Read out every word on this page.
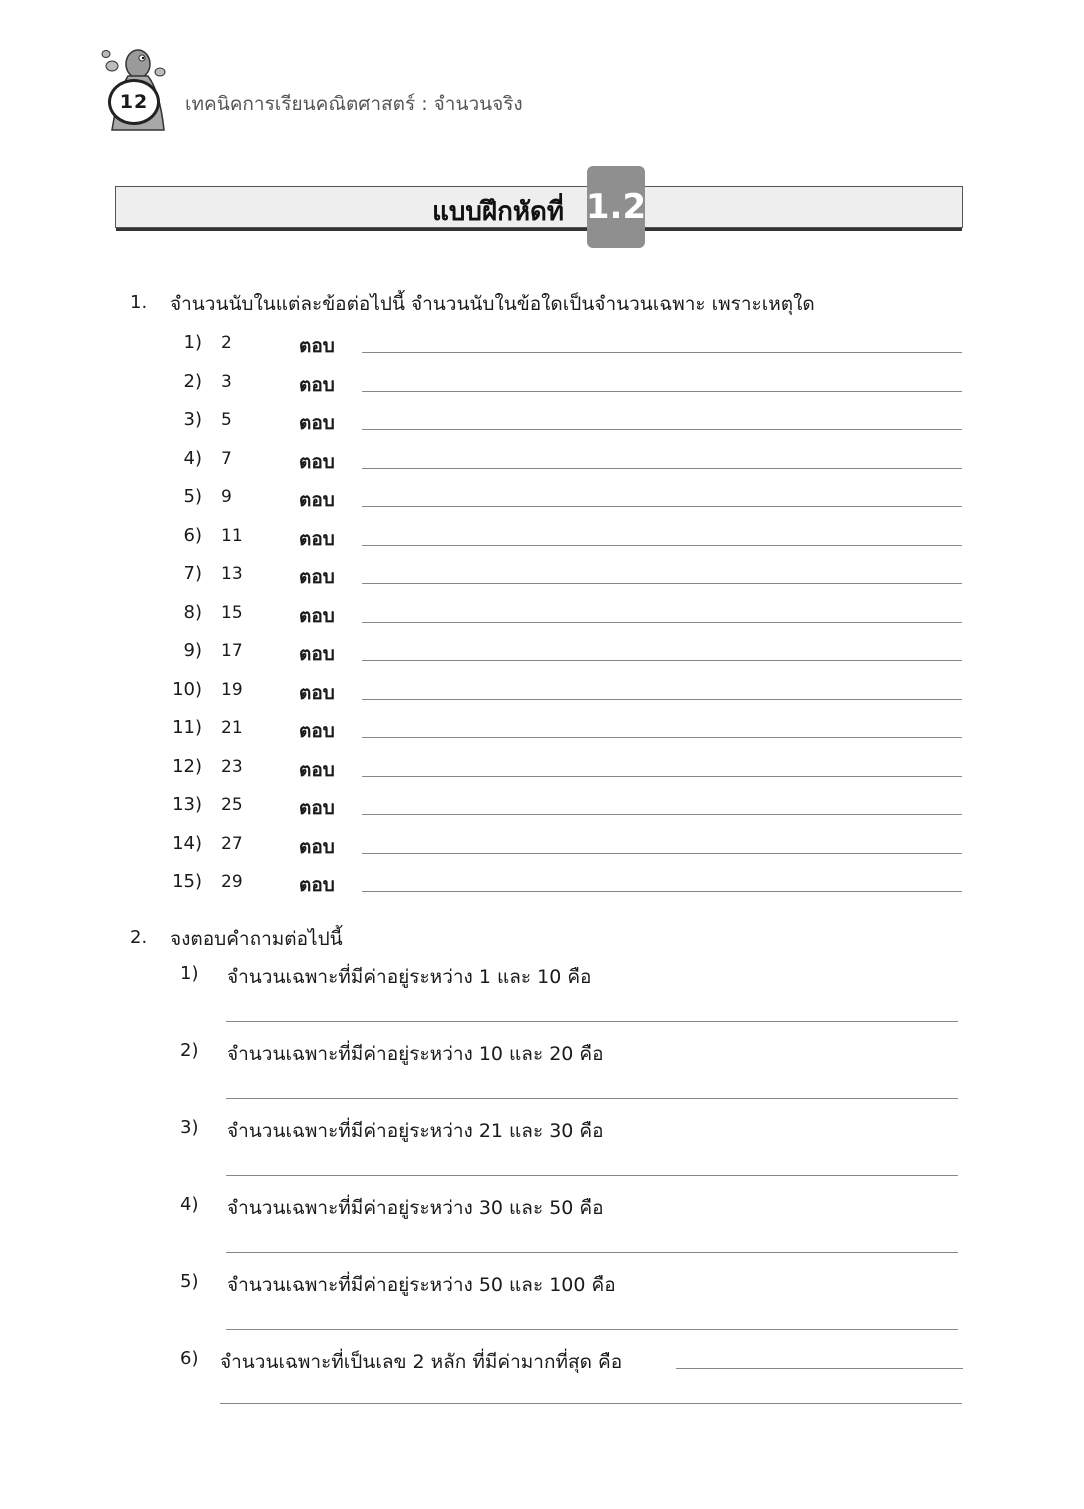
12	เทคนิคการเรียนคณิตศาสตร์ : จำนวนจริง
แบบฝึกหัดที่ 1.2
1. จำนวนนับในแต่ละข้อต่อไปนี้ จำนวนนับในข้อใดเป็นจำนวนเฉพาะ เพราะเหตุใด
1) 2	ตอบ
2) 3	ตอบ
3) 5	ตอบ
4) 7	ตอบ
5) 9	ตอบ
6) 11	ตอบ
7) 13	ตอบ
8) 15	ตอบ
9) 17	ตอบ
10) 19	ตอบ
11) 21	ตอบ
12) 23	ตอบ
13) 25	ตอบ
14) 27	ตอบ
15) 29	ตอบ
2. จงตอบคำถามต่อไปนี้
1) จำนวนเฉพาะที่มีค่าอยู่ระหว่าง 1 และ 10 คือ
2) จำนวนเฉพาะที่มีค่าอยู่ระหว่าง 10 และ 20 คือ
3) จำนวนเฉพาะที่มีค่าอยู่ระหว่าง 21 และ 30 คือ
4) จำนวนเฉพาะที่มีค่าอยู่ระหว่าง 30 และ 50 คือ
5) จำนวนเฉพาะที่มีค่าอยู่ระหว่าง 50 และ 100 คือ
6) จำนวนเฉพาะที่เป็นเลข 2 หลัก ที่มีค่ามากที่สุด คือ
